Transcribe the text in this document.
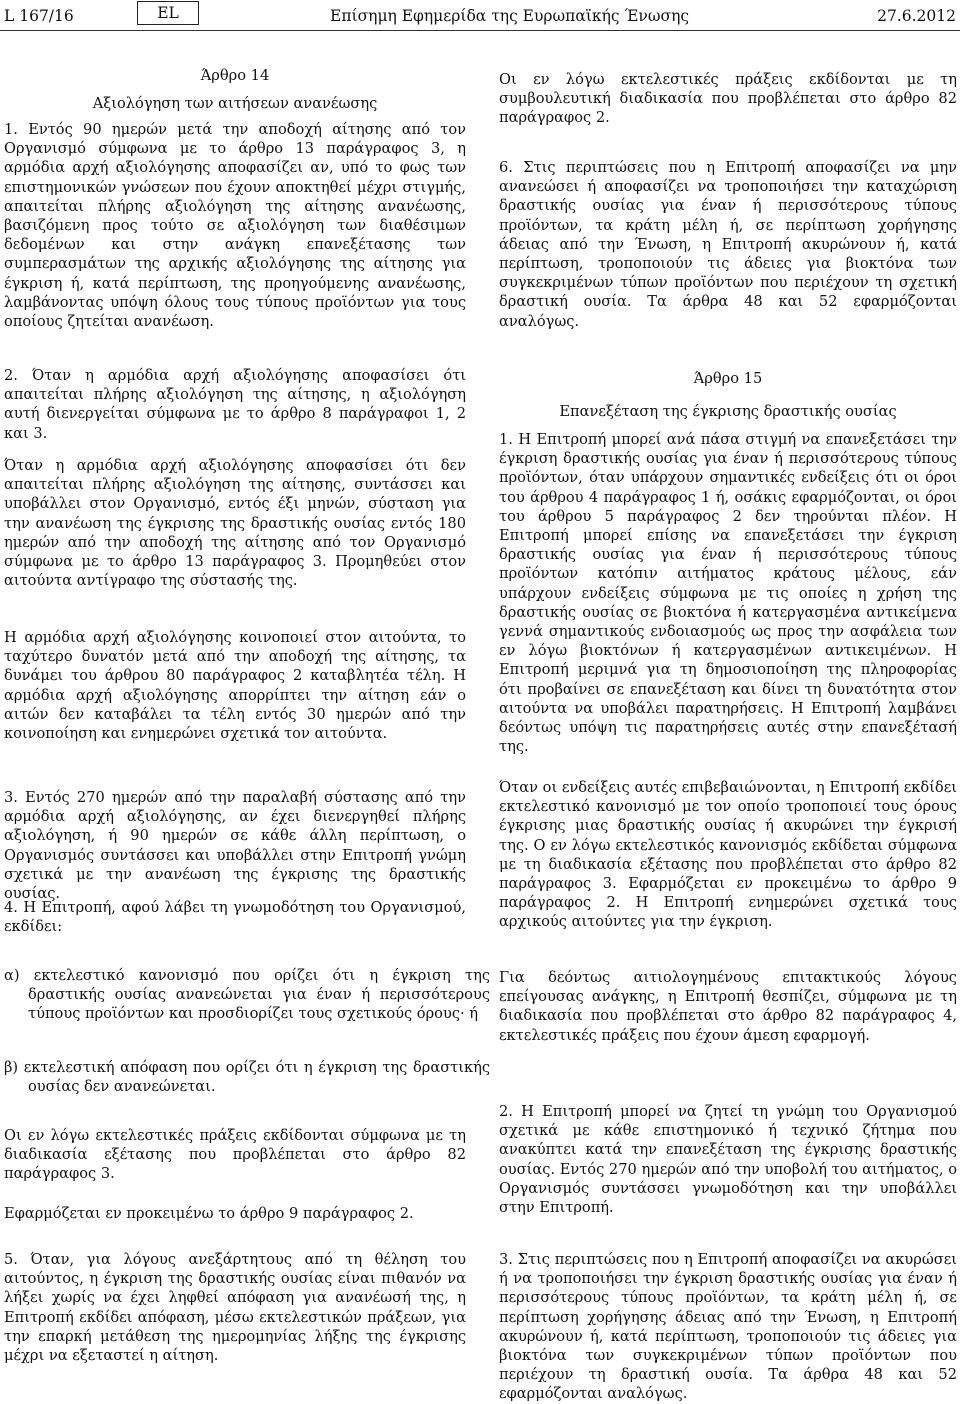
L 167/16	EL	Επίσημη Εφημερίδα της Ευρωπαϊκής Ένωσης	27.6.2012
Άρθρο 14
Αξιολόγηση των αιτήσεων ανανέωσης
1. Εντός 90 ημερών μετά την αποδοχή αίτησης από τον Οργανισμό σύμφωνα με το άρθρο 13 παράγραφος 3, η αρμόδια αρχή αξιολόγησης αποφασίζει αν, υπό το φως των επιστημονικών γνώσεων που έχουν αποκτηθεί μέχρι στιγμής, απαιτείται πλήρης αξιολόγηση της αίτησης ανανέωσης, βασιζόμενη προς τούτο σε αξιολόγηση των διαθέσιμων δεδομένων και στην ανάγκη επανεξέτασης των συμπερασμάτων της αρχικής αξιολόγησης της αίτησης για έγκριση ή, κατά περίπτωση, της προηγούμενης ανανέωσης, λαμβάνοντας υπόψη όλους τους τύπους προϊόντων για τους οποίους ζητείται ανανέωση.
2. Όταν η αρμόδια αρχή αξιολόγησης αποφασίσει ότι απαιτείται πλήρης αξιολόγηση της αίτησης, η αξιολόγηση αυτή διενεργείται σύμφωνα με το άρθρο 8 παράγραφοι 1, 2 και 3.
Όταν η αρμόδια αρχή αξιολόγησης αποφασίσει ότι δεν απαιτείται πλήρης αξιολόγηση της αίτησης, συντάσσει και υποβάλλει στον Οργανισμό, εντός έξι μηνών, σύσταση για την ανανέωση της έγκρισης της δραστικής ουσίας εντός 180 ημερών από την αποδοχή της αίτησης από τον Οργανισμό σύμφωνα με το άρθρο 13 παράγραφος 3. Προμηθεύει στον αιτούντα αντίγραφο της σύστασής της.
Η αρμόδια αρχή αξιολόγησης κοινοποιεί στον αιτούντα, το ταχύτερο δυνατόν μετά από την αποδοχή της αίτησης, τα δυνάμει του άρθρου 80 παράγραφος 2 καταβλητέα τέλη. Η αρμόδια αρχή αξιολόγησης απορρίπτει την αίτηση εάν ο αιτών δεν καταβάλει τα τέλη εντός 30 ημερών από την κοινοποίηση και ενημερώνει σχετικά τον αιτούντα.
3. Εντός 270 ημερών από την παραλαβή σύστασης από την αρμόδια αρχή αξιολόγησης, αν έχει διενεργηθεί πλήρης αξιολόγηση, ή 90 ημερών σε κάθε άλλη περίπτωση, ο Οργανισμός συντάσσει και υποβάλλει στην Επιτροπή γνώμη σχετικά με την ανανέωση της έγκρισης της δραστικής ουσίας.
4. Η Επιτροπή, αφού λάβει τη γνωμοδότηση του Οργανισμού, εκδίδει:
α) εκτελεστικό κανονισμό που ορίζει ότι η έγκριση της δραστικής ουσίας ανανεώνεται για έναν ή περισσότερους τύπους προϊόντων και προσδιορίζει τους σχετικούς όρους· ή
β) εκτελεστική απόφαση που ορίζει ότι η έγκριση της δραστικής ουσίας δεν ανανεώνεται.
Οι εν λόγω εκτελεστικές πράξεις εκδίδονται σύμφωνα με τη διαδικασία εξέτασης που προβλέπεται στο άρθρο 82 παράγραφος 3.
Εφαρμόζεται εν προκειμένω το άρθρο 9 παράγραφος 2.
5. Όταν, για λόγους ανεξάρτητους από τη θέληση του αιτούντος, η έγκριση της δραστικής ουσίας είναι πιθανόν να λήξει χωρίς να έχει ληφθεί απόφαση για ανανέωσή της, η Επιτροπή εκδίδει απόφαση, μέσω εκτελεστικών πράξεων, για την επαρκή μετάθεση της ημερομηνίας λήξης της έγκρισης μέχρι να εξεταστεί η αίτηση.
Οι εν λόγω εκτελεστικές πράξεις εκδίδονται με τη συμβουλευτική διαδικασία που προβλέπεται στο άρθρο 82 παράγραφος 2.
6. Στις περιπτώσεις που η Επιτροπή αποφασίζει να μην ανανεώσει ή αποφασίζει να τροποποιήσει την καταχώριση δραστικής ουσίας για έναν ή περισσότερους τύπους προϊόντων, τα κράτη μέλη ή, σε περίπτωση χορήγησης άδειας από την Ένωση, η Επιτροπή ακυρώνουν ή, κατά περίπτωση, τροποποιούν τις άδειες για βιοκτόνα των συγκεκριμένων τύπων προϊόντων που περιέχουν τη σχετική δραστική ουσία. Τα άρθρα 48 και 52 εφαρμόζονται αναλόγως.
Άρθρο 15
Επανεξέταση της έγκρισης δραστικής ουσίας
1. Η Επιτροπή μπορεί ανά πάσα στιγμή να επανεξετάσει την έγκριση δραστικής ουσίας για έναν ή περισσότερους τύπους προϊόντων, όταν υπάρχουν σημαντικές ενδείξεις ότι οι όροι του άρθρου 4 παράγραφος 1 ή, οσάκις εφαρμόζονται, οι όροι του άρθρου 5 παράγραφος 2 δεν τηρούνται πλέον. Η Επιτροπή μπορεί επίσης να επανεξετάσει την έγκριση δραστικής ουσίας για έναν ή περισσότερους τύπους προϊόντων κατόπιν αιτήματος κράτους μέλους, εάν υπάρχουν ενδείξεις σύμφωνα με τις οποίες η χρήση της δραστικής ουσίας σε βιοκτόνα ή κατεργασμένα αντικείμενα γεννά σημαντικούς ενδοιασμούς ως προς την ασφάλεια των εν λόγω βιοκτόνων ή κατεργασμένων αντικειμένων. Η Επιτροπή μεριμνά για τη δημοσιοποίηση της πληροφορίας ότι προβαίνει σε επανεξέταση και δίνει τη δυνατότητα στον αιτούντα να υποβάλει παρατηρήσεις. Η Επιτροπή λαμβάνει δεόντως υπόψη τις παρατηρήσεις αυτές στην επανεξέτασή της.
Όταν οι ενδείξεις αυτές επιβεβαιώνονται, η Επιτροπή εκδίδει εκτελεστικό κανονισμό με τον οποίο τροποποιεί τους όρους έγκρισης μιας δραστικής ουσίας ή ακυρώνει την έγκρισή της. Ο εν λόγω εκτελεστικός κανονισμός εκδίδεται σύμφωνα με τη διαδικασία εξέτασης που προβλέπεται στο άρθρο 82 παράγραφος 3. Εφαρμόζεται εν προκειμένω το άρθρο 9 παράγραφος 2. Η Επιτροπή ενημερώνει σχετικά τους αρχικούς αιτούντες για την έγκριση.
Για δεόντως αιτιολογημένους επιτακτικούς λόγους επείγουσας ανάγκης, η Επιτροπή θεσπίζει, σύμφωνα με τη διαδικασία που προβλέπεται στο άρθρο 82 παράγραφος 4, εκτελεστικές πράξεις που έχουν άμεση εφαρμογή.
2. Η Επιτροπή μπορεί να ζητεί τη γνώμη του Οργανισμού σχετικά με κάθε επιστημονικό ή τεχνικό ζήτημα που ανακύπτει κατά την επανεξέταση της έγκρισης δραστικής ουσίας. Εντός 270 ημερών από την υποβολή του αιτήματος, ο Οργανισμός συντάσσει γνωμοδότηση και την υποβάλλει στην Επιτροπή.
3. Στις περιπτώσεις που η Επιτροπή αποφασίζει να ακυρώσει ή να τροποποιήσει την έγκριση δραστικής ουσίας για έναν ή περισσότερους τύπους προϊόντων, τα κράτη μέλη ή, σε περίπτωση χορήγησης άδειας από την Ένωση, η Επιτροπή ακυρώνουν ή, κατά περίπτωση, τροποποιούν τις άδειες για βιοκτόνα των συγκεκριμένων τύπων προϊόντων που περιέχουν τη δραστική ουσία. Τα άρθρα 48 και 52 εφαρμόζονται αναλόγως.
